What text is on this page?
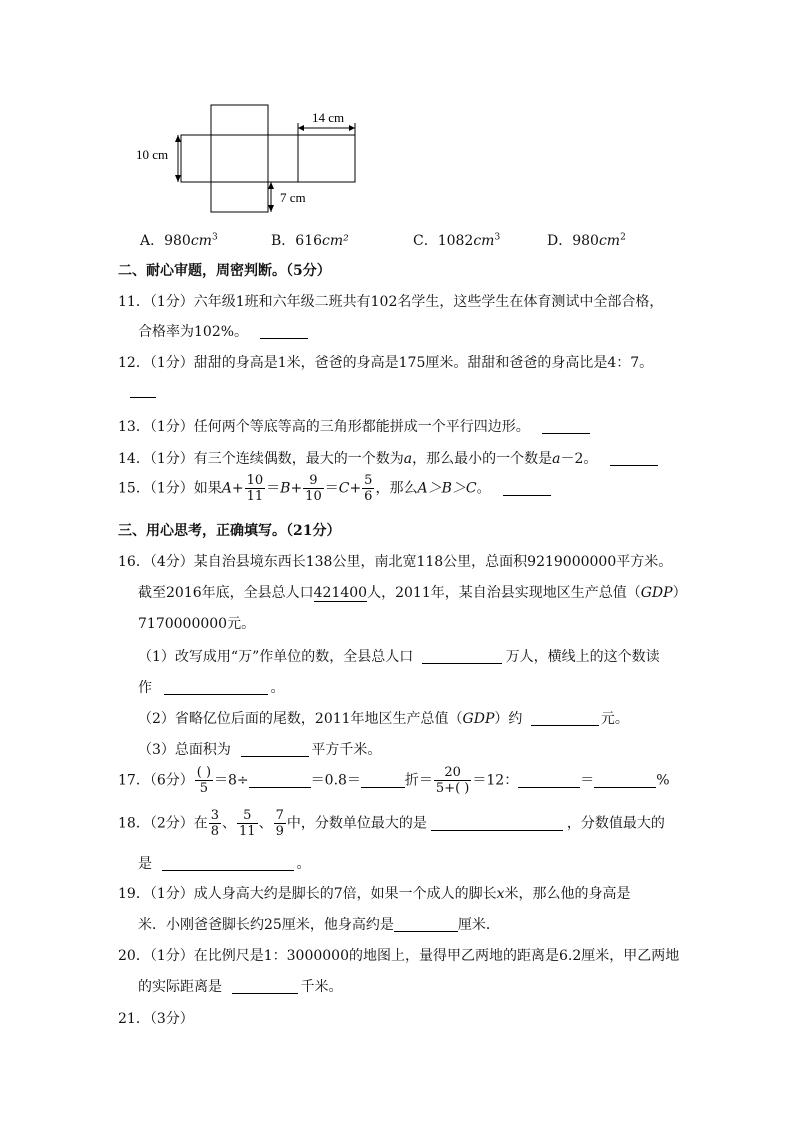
14 cm
10 cm
7 cm
A．$980cm^3$	B．616cm²	C．$1082cm^3$	D．$980cm^2$
二、耐心审题，周密判断。（5分）
11．（1分）六年级1班和六年级二班共有102名学生，这些学生在体育测试中全部合格，
合格率为102%。
12．（1分）甜甜的身高是1米，爸爸的身高是175厘米。甜甜和爸爸的身高比是4：7。
13．（1分）任何两个等底等高的三角形都能拼成一个平行四边形。
14．（1分）有三个连续偶数，最大的一个数为a，那么最小的一个数是a－2。
15．（1分）如果$A+ \frac{10}{11} =B+ \frac{9}{10} =C+ \frac{5}{6}$ ，那么A＞B＞C。
三、用心思考，正确填写。（21分）
16．（4分）某自治县境东西长138公里，南北宽118公里，总面积9219000000平方米。
截至2016年底，全县总人口421400人，2011年，某自治县实现地区生产总值（GDP）
7170000000元。
（1）改写成用“万”作单位的数，全县总人口	万人，横线上的这个数读
作	。
（2）省略亿位后面的尾数，2011年地区生产总值（GDP）约	元。
（3）总面积为	平方千米。
17．（6分） $\frac{( )}{5} =8\div$	＝0.8＝	折＝ $\frac{20}{5+( )} =12$：	＝	%
18．（2分）在 $\frac{3}{8}$ 、 $\frac{5}{11}$ 、 $\frac{7}{9}$ 中，分数单位最大的是	，分数值最大的
是	。
19．（1分）成人身高大约是脚长的7倍，如果一个成人的脚长x米，那么他的身高是
米．小刚爸爸脚长约25厘米，他身高约是	厘米．
20．（1分）在比例尺是1：3000000的地图上，量得甲乙两地的距离是6.2厘米，甲乙两地
的实际距离是	千米。
21．（3分）
